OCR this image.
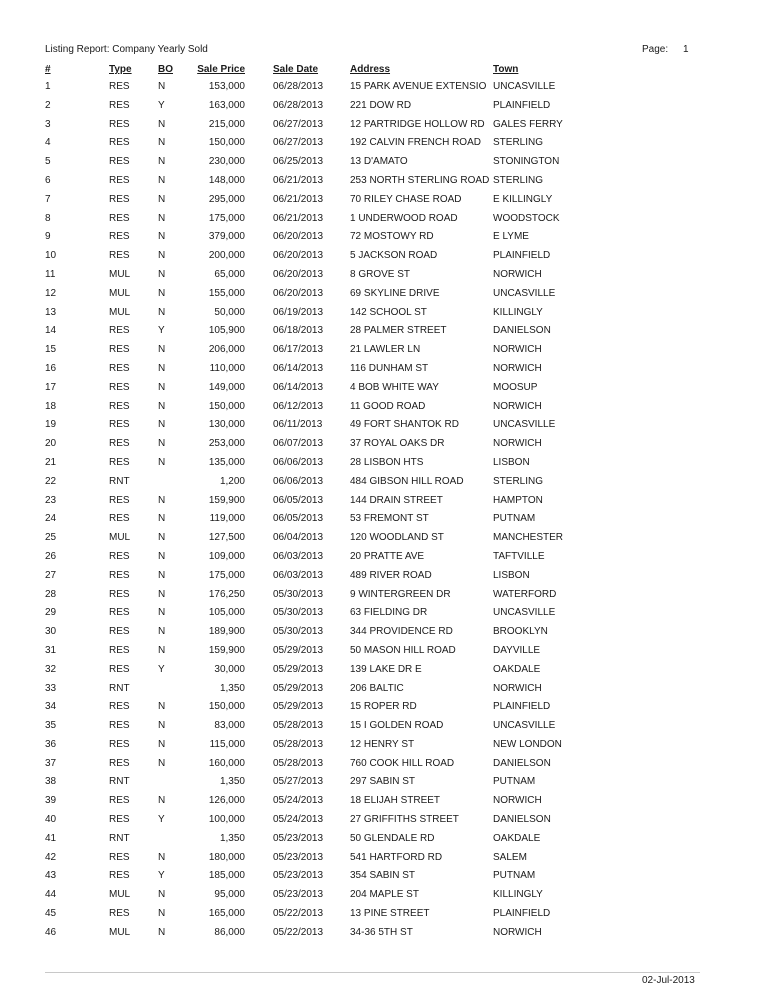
Listing Report: Company Yearly Sold	Page: 1
	#	Type	BO	Sale Price		Sale Date	Address	Town
	1	RES	N	153,000		06/28/2013	15 PARK AVENUE EXTENSIO	UNCASVILLE
	2	RES	Y	163,000		06/28/2013	221 DOW RD	PLAINFIELD
	3	RES	N	215,000		06/27/2013	12 PARTRIDGE HOLLOW RD	GALES FERRY
	4	RES	N	150,000		06/27/2013	192 CALVIN FRENCH ROAD	STERLING
	5	RES	N	230,000		06/25/2013	13 D'AMATO	STONINGTON
	6	RES	N	148,000		06/21/2013	253 NORTH STERLING ROAD	STERLING
	7	RES	N	295,000		06/21/2013	70 RILEY CHASE ROAD	E KILLINGLY
	8	RES	N	175,000		06/21/2013	1 UNDERWOOD ROAD	WOODSTOCK
	9	RES	N	379,000		06/20/2013	72 MOSTOWY RD	E LYME
	10	RES	N	200,000		06/20/2013	5 JACKSON ROAD	PLAINFIELD
	11	MUL	N	65,000		06/20/2013	8 GROVE ST	NORWICH
	12	MUL	N	155,000		06/20/2013	69 SKYLINE DRIVE	UNCASVILLE
	13	MUL	N	50,000		06/19/2013	142 SCHOOL ST	KILLINGLY
	14	RES	Y	105,900		06/18/2013	28 PALMER STREET	DANIELSON
	15	RES	N	206,000		06/17/2013	21 LAWLER LN	NORWICH
	16	RES	N	110,000		06/14/2013	116 DUNHAM ST	NORWICH
	17	RES	N	149,000		06/14/2013	4 BOB WHITE WAY	MOOSUP
	18	RES	N	150,000		06/12/2013	11 GOOD ROAD	NORWICH
	19	RES	N	130,000		06/11/2013	49 FORT SHANTOK RD	UNCASVILLE
	20	RES	N	253,000		06/07/2013	37 ROYAL OAKS DR	NORWICH
	21	RES	N	135,000		06/06/2013	28 LISBON HTS	LISBON
	22	RNT		1,200		06/06/2013	484 GIBSON HILL ROAD	STERLING
	23	RES	N	159,900		06/05/2013	144 DRAIN STREET	HAMPTON
	24	RES	N	119,000		06/05/2013	53 FREMONT ST	PUTNAM
	25	MUL	N	127,500		06/04/2013	120 WOODLAND ST	MANCHESTER
	26	RES	N	109,000		06/03/2013	20 PRATTE AVE	TAFTVILLE
	27	RES	N	175,000		06/03/2013	489 RIVER ROAD	LISBON
	28	RES	N	176,250		05/30/2013	9 WINTERGREEN DR	WATERFORD
	29	RES	N	105,000		05/30/2013	63 FIELDING DR	UNCASVILLE
	30	RES	N	189,900		05/30/2013	344 PROVIDENCE RD	BROOKLYN
	31	RES	N	159,900		05/29/2013	50 MASON HILL ROAD	DAYVILLE
	32	RES	Y	30,000		05/29/2013	139 LAKE DR E	OAKDALE
	33	RNT		1,350		05/29/2013	206 BALTIC	NORWICH
	34	RES	N	150,000		05/29/2013	15 ROPER RD	PLAINFIELD
	35	RES	N	83,000		05/28/2013	15 I GOLDEN ROAD	UNCASVILLE
	36	RES	N	115,000		05/28/2013	12 HENRY ST	NEW LONDON
	37	RES	N	160,000		05/28/2013	760 COOK HILL ROAD	DANIELSON
	38	RNT		1,350		05/27/2013	297 SABIN ST	PUTNAM
	39	RES	N	126,000		05/24/2013	18 ELIJAH STREET	NORWICH
	40	RES	Y	100,000		05/24/2013	27 GRIFFITHS STREET	DANIELSON
	41	RNT		1,350		05/23/2013	50 GLENDALE RD	OAKDALE
	42	RES	N	180,000		05/23/2013	541 HARTFORD RD	SALEM
	43	RES	Y	185,000		05/23/2013	354 SABIN ST	PUTNAM
	44	MUL	N	95,000		05/23/2013	204 MAPLE ST	KILLINGLY
	45	RES	N	165,000		05/22/2013	13 PINE STREET	PLAINFIELD
	46	MUL	N	86,000		05/22/2013	34-36 5TH ST	NORWICH
02-Jul-2013
